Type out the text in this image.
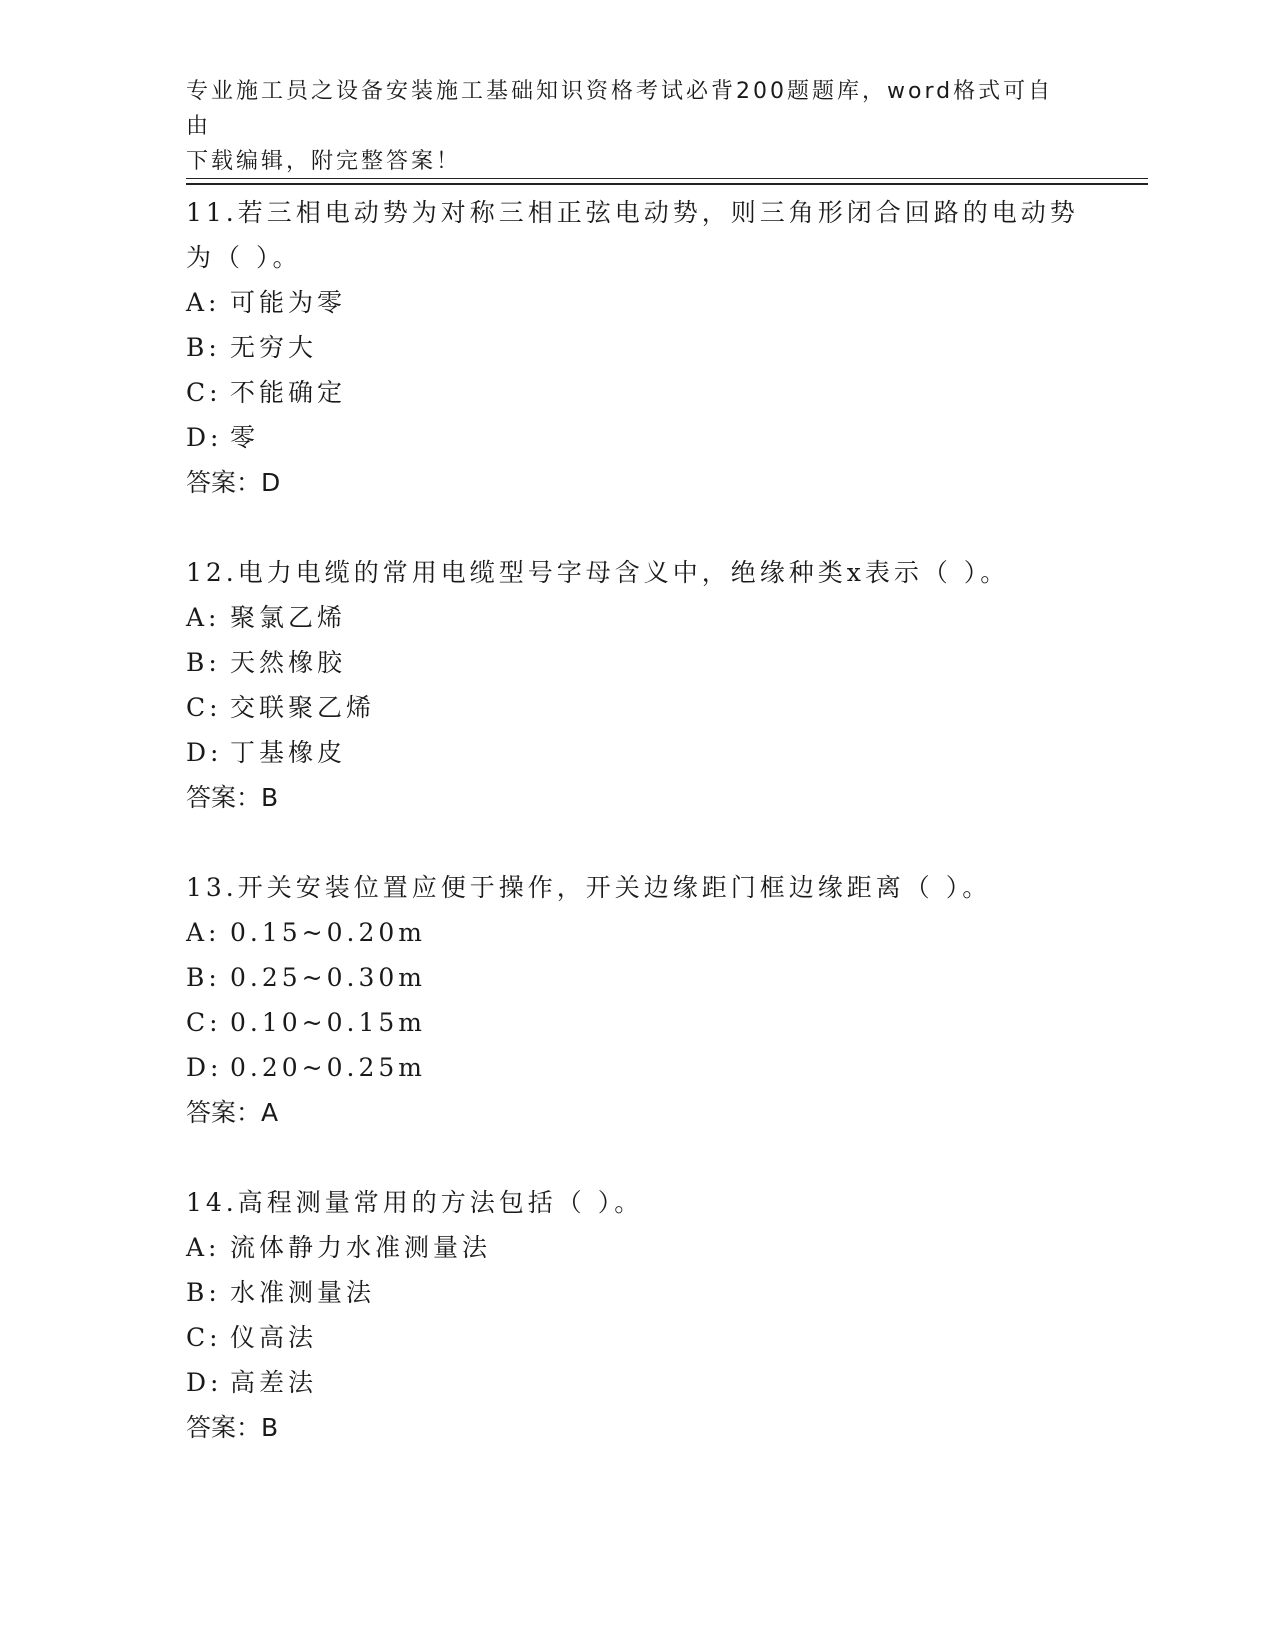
专业施工员之设备安装施工基础知识资格考试必背200题题库，word格式可自由
下载编辑，附完整答案！
11.若三相电动势为对称三相正弦电动势，则三角形闭合回路的电动势
为（ ）。
A: 可能为零
B: 无穷大
C: 不能确定
D: 零
答案：D
12.电力电缆的常用电缆型号字母含义中，绝缘种类x表示（ ）。
A: 聚氯乙烯
B: 天然橡胶
C: 交联聚乙烯
D: 丁基橡皮
答案：B
13.开关安装位置应便于操作，开关边缘距门框边缘距离（ ）。
A: 0.15~0.20m
B: 0.25~0.30m
C: 0.10~0.15m
D: 0.20~0.25m
答案：A
14.高程测量常用的方法包括（ ）。
A: 流体静力水准测量法
B: 水准测量法
C: 仪高法
D: 高差法
答案：B
